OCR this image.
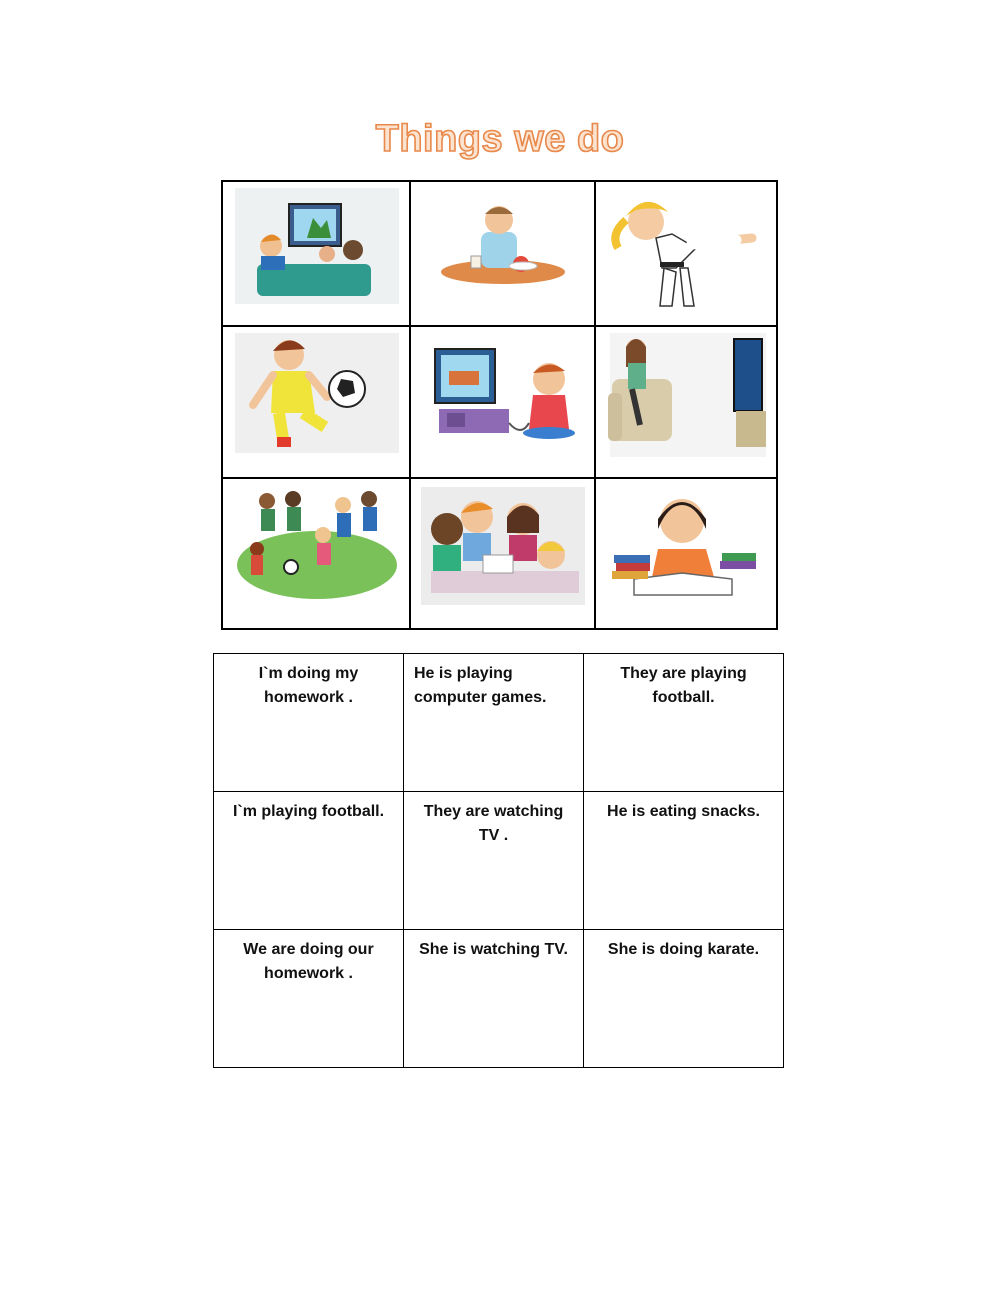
Things we do

I`m doing my homework .	He is playing computer games.	They are playing football.
I`m playing football.	They are watching TV .	He is eating snacks.
We are doing our homework .	She is watching TV.	She is doing karate.
